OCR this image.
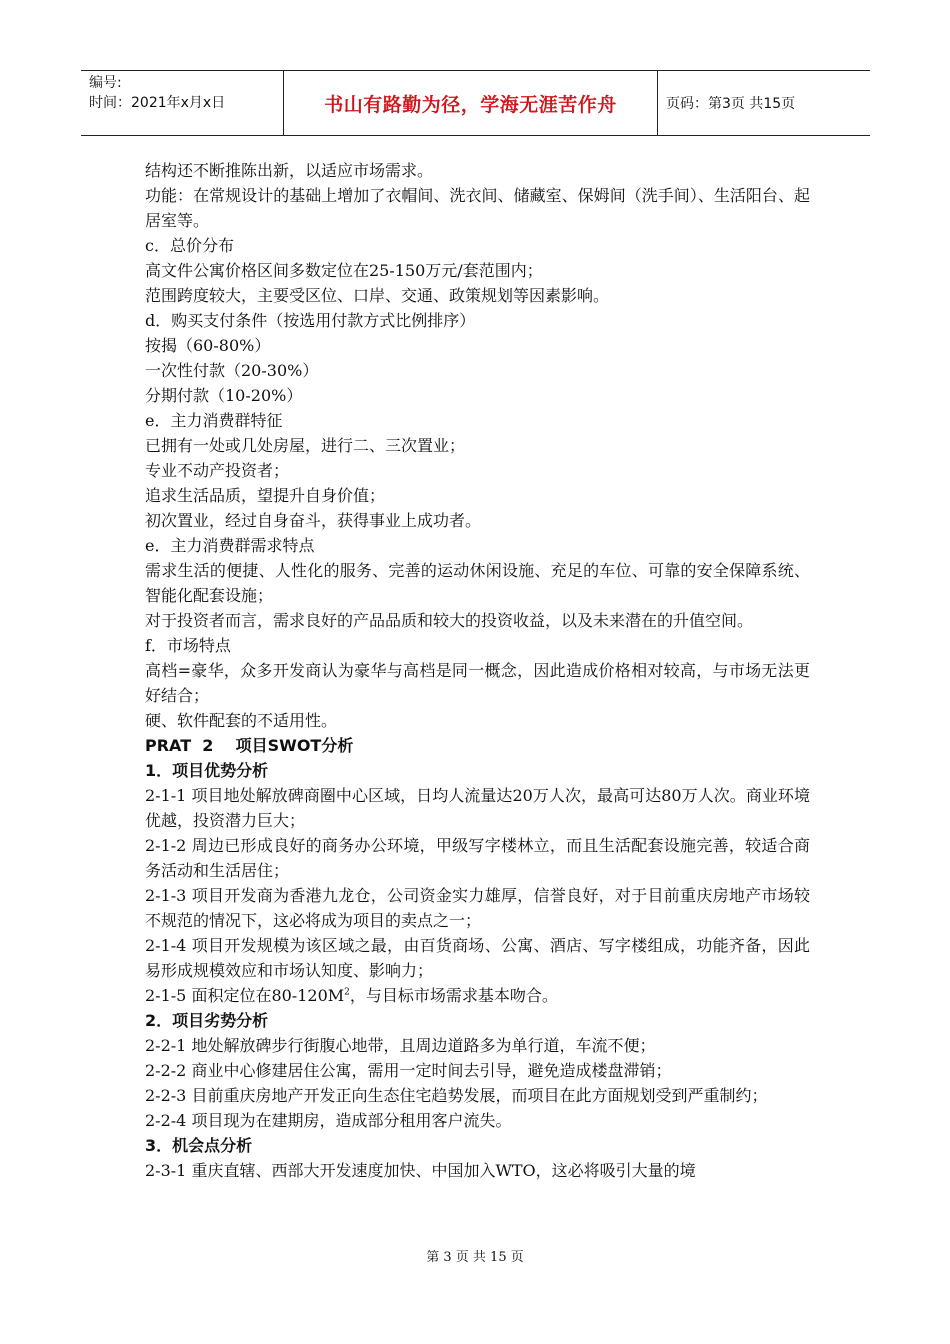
编号:
时间：2021年x月x日	书山有路勤为径，学海无涯苦作舟	页码：第3页 共15页
结构还不断推陈出新，以适应市场需求。
功能：在常规设计的基础上增加了衣帽间、洗衣间、储藏室、保姆间（洗手间）、生活阳台、起居室等。
c．总价分布
高文件公寓价格区间多数定位在25-150万元/套范围内；
范围跨度较大，主要受区位、口岸、交通、政策规划等因素影响。
d．购买支付条件（按选用付款方式比例排序）
按揭（60-80%）
一次性付款（20-30%）
分期付款（10-20%）
e．主力消费群特征
已拥有一处或几处房屋，进行二、三次置业；
专业不动产投资者；
追求生活品质，望提升自身价值；
初次置业，经过自身奋斗，获得事业上成功者。
e．主力消费群需求特点
需求生活的便捷、人性化的服务、完善的运动休闲设施、充足的车位、可靠的安全保障系统、智能化配套设施；
对于投资者而言，需求良好的产品品质和较大的投资收益，以及未来潜在的升值空间。
f．市场特点
高档=豪华，众多开发商认为豪华与高档是同一概念，因此造成价格相对较高，与市场无法更好结合；
硬、软件配套的不适用性。
PRAT  2    项目SWOT分析
1．项目优势分析
2-1-1 项目地处解放碑商圈中心区域，日均人流量达20万人次，最高可达80万人次。商业环境优越，投资潜力巨大；
2-1-2 周边已形成良好的商务办公环境，甲级写字楼林立，而且生活配套设施完善，较适合商务活动和生活居住；
2-1-3 项目开发商为香港九龙仓，公司资金实力雄厚，信誉良好，对于目前重庆房地产市场较不规范的情况下，这必将成为项目的卖点之一；
2-1-4 项目开发规模为该区域之最，由百货商场、公寓、酒店、写字楼组成，功能齐备，因此易形成规模效应和市场认知度、影响力；
2-1-5 面积定位在$80-120M^2$，与目标市场需求基本吻合。
2．项目劣势分析
2-2-1 地处解放碑步行街腹心地带，且周边道路多为单行道，车流不便；
2-2-2 商业中心修建居住公寓，需用一定时间去引导，避免造成楼盘滞销；
2-2-3 目前重庆房地产开发正向生态住宅趋势发展，而项目在此方面规划受到严重制约；
2-2-4 项目现为在建期房，造成部分租用客户流失。
3．机会点分析
2-3-1 重庆直辖、西部大开发速度加快、中国加入WTO，这必将吸引大量的境
第 3 页 共 15 页
